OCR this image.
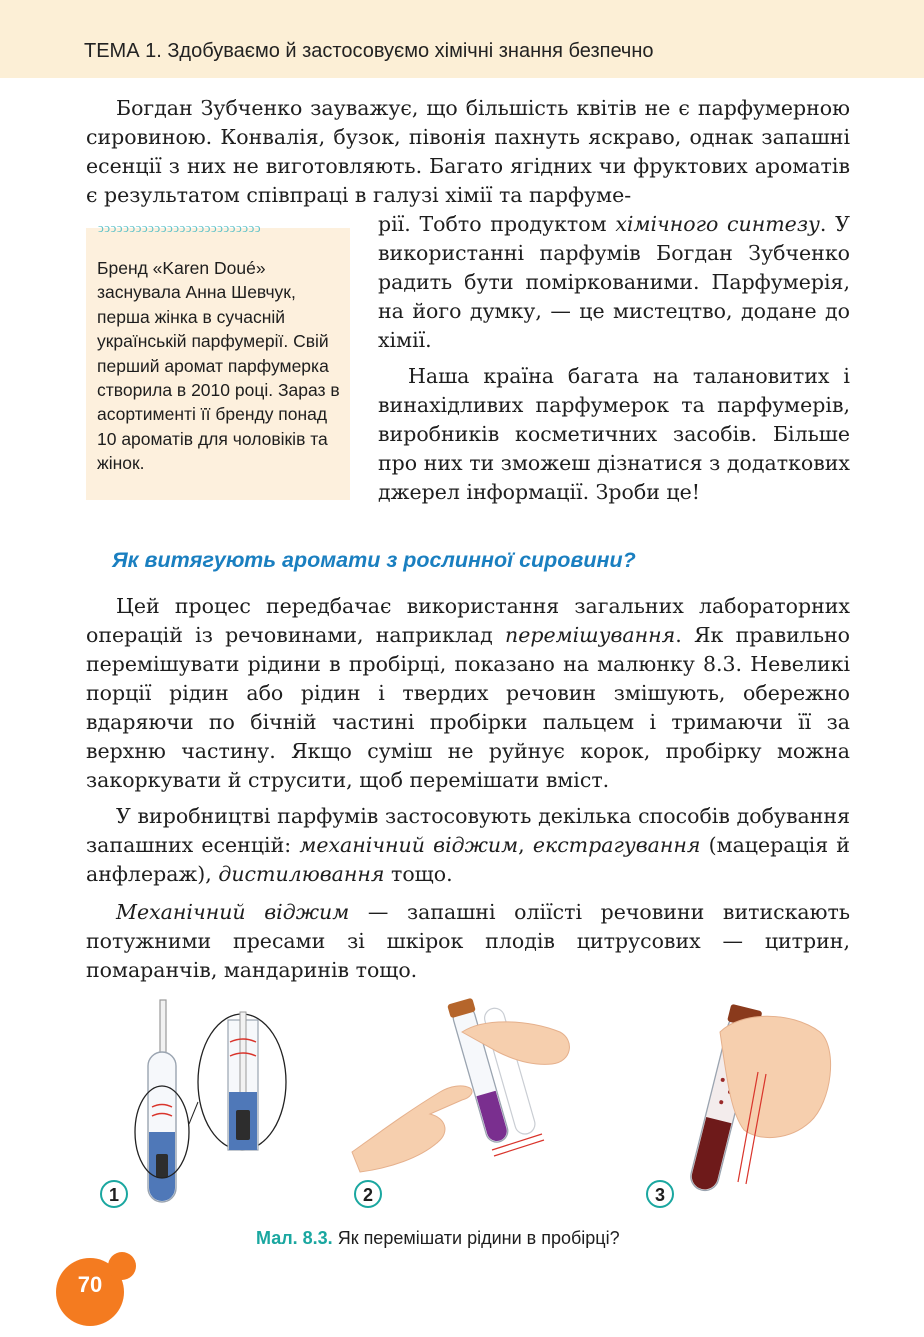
ТЕМА 1. Здобуваємо й застосовуємо хімічні знання безпечно

Богдан Зубченко зауважує, що більшість квітів не є парфумерною сировиною. Конвалія, бузок, півонія пахнуть яскраво, однак запашні есенції з них не виготовляють. Багато ягідних чи фруктових ароматів є результатом співпраці в галузі хімії та парфуме-

рії. Тобто продуктом хімічного синтезу. У використанні парфумів Богдан Зубченко радить бути поміркованими. Парфумерія, на його думку, — це мистецтво, додане до хімії.

ↄↄↄↄↄↄↄↄↄↄↄↄↄↄↄↄↄↄↄↄↄↄↄↄↄↄ

Бренд «Karen Doué» заснувала Анна Шевчук, перша жінка в сучасній українській парфумерії. Свій перший аромат парфумерка створила в 2010 році. Зараз в асортименті її бренду понад 10 ароматів для чоловіків та жінок.

Наша країна багата на талановитих і винахідливих парфумерок та парфумерів, виробників косметичних засобів. Більше про них ти зможеш дізнатися з додаткових джерел інформації. Зроби це!

Як витягують аромати з рослинної сировини?

Цей процес передбачає використання загальних лабораторних операцій із речовинами, наприклад перемішування. Як правильно перемішувати рідини в пробірці, показано на малюнку 8.3. Невеликі порції рідин або рідин і твердих речовин змішують, обережно вдаряючи по бічній частині пробірки пальцем і тримаючи її за верхню частину. Якщо суміш не руйнує корок, пробірку можна закоркувати й струсити, щоб перемішати вміст.

У виробництві парфумів застосовують декілька способів добування запашних есенцій: механічний віджим, екстрагування (мацерація й анфлераж), дистилювання тощо.

Механічний віджим — запашні оліїсті речовини витискають потужними пресами зі шкірок плодів цитрусових — цитрин, помаранчів, мандаринів тощо.

1	2	3
Мал. 8.3. Як перемішати рідини в пробірці?
70
